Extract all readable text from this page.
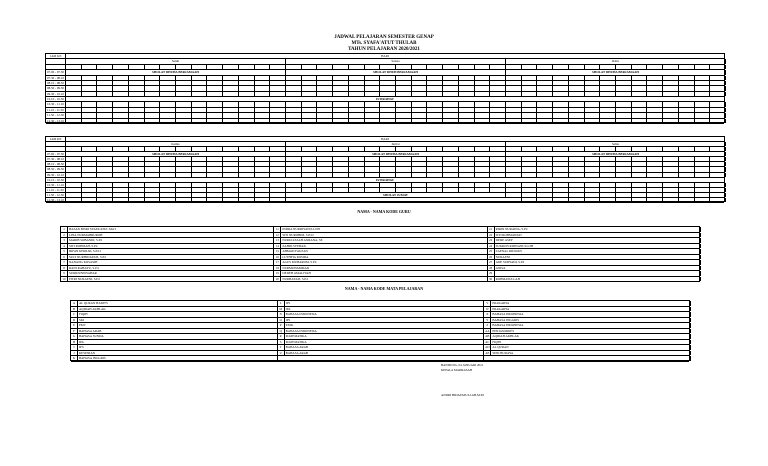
JADWAL PELAJARAN SEMESTER GENAP
MTs. SYAFA'ATUT THULAB
TAHUN PELAJARAN 2020/2021
JAM KE	HARI
Senin	Selasa	Rabu
07.00 - 07.30	SHOLAT DHUHA BERJAMAAH	SHOLAT DHUH BERJAMAAH	SHOLAT DHUHA BERJAMAAH
07.30 - 08.10
08.10 - 08.50
08.50 - 09.30
09.30 - 10.10
10.10 - 10.30	ISTIRAHAT
10.30 - 11.10
11.10 - 11.50
11.50 - 12.30
12.30 - 13.10
JAM KE	HARI
Kamis	Jum'at	Sabtu
07.00 - 07.30	SHOLAT DHUHA BERJAMAAH	SHOLAT DHUHA BERJAMAAH	SHOLAT DHUHA BERJAMAAH
07.30 - 08.10
08.10 - 08.50
08.50 - 09.30
09.30 - 10.10
10.10 - 10.30	ISTIRAHAT
10.30 - 11.10
11.10 - 11.50
11.50 - 12.30	SHOLAT JUMAT
12.30 - 13.10
NAMA - NAMA KODE GURU
1	HASAN BISRI SYAFA'ATUL MA'I	11	INDRA NURDIYATULLOH	21	RIRIN NURAINA, S.Pd
2	LINA NURMABRUROH	12	SITI NUROHIM, S.Pd.I	22	SITI ROHMAWATI
3	MARIB SOBANDI, S.Pd	13	NURULIZZAH ASMANA, SE	23	DEDE ASEP
4	SITI ROHMAH, S.Pd	14	ZAHID SYEBAIL	24	SUKRON RIDWANULLOH
5	IRFAN KHOLID, S.Pd.I	15	AHMAD FAUZAN	25	ZAENAL RIDWAN
6	SUCI NURHIDAYATI, S.Pd	16	LUTHFIA ROSIDA	26	NURAENI
7	NANANG KOSASIH	17	AGUS MUHAROM, S.Pd	27	ADE SURYADI, S.Pd
8	RANI RAHAYU, S.Pd	18	NURMUHAMMAD	28	ANISA
9	SURIDUNNNAHAR	19	DEDEH AMALIYAH	29
10	FITRI NURAENI, S.Pd	20	NURHAYATI, S.Pd	30	ROHMATULLAH
NAMA - NAMA KODE MATA PELAJARAN
A	AL QURAN HADITS	L	IPS	V	PRAKARYA
B	AQIDAH AKHLAK	M	IPA	W	PRAKARYA
C	FIQIH	N	BAHASA INDONESIA	X	BAHASA INDONESIA
D	SKI	O	IPS	Y	BAHASA INGGRIS
E	PKN	P	PJOK	Z	BAHASA INDONESIA
F	BAHASA ARAB	Q	BAHASA INDONESIA	AA PENJASORKES
G	BAHASA SUNDA	R	MATEMATIKA	AB AQIDAH AKHLAK
H	IPA	S	MATEMATIKA	AC FIQIH
I	IPS	T	BAHASA ARAB	AD AL QURAN
J	KESENIAN	U	BAHASA ARAB	AE SENI BUDAYA
K	BAHASA INGGRIS
BANDUNG, 04 JANUARI 2021
KEPALA MADRASAH
ANDRI HIDAYATULLAH,M.Pd
